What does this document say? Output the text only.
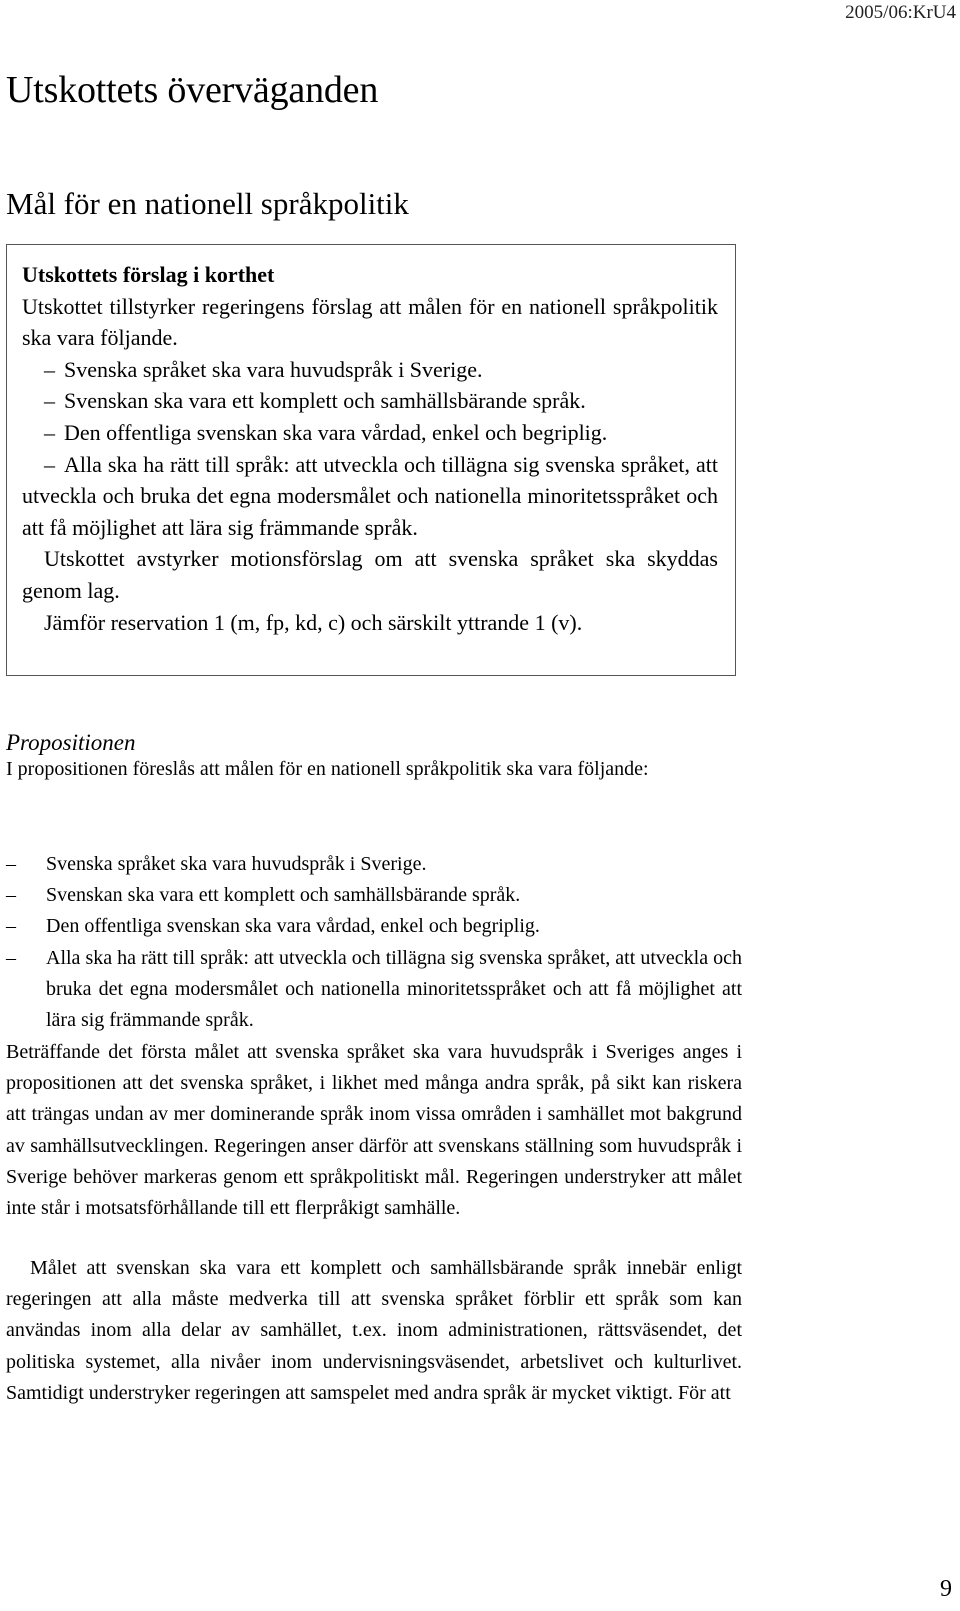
2005/06:KrU4
Utskottets överväganden
Mål för en nationell språkpolitik

Utskottets förslag i korthet

Utskottet tillstyrker regeringens förslag att målen för en nationell språkpolitik ska vara följande.

– Svenska språket ska vara huvudspråk i Sverige.

– Svenskan ska vara ett komplett och samhällsbärande språk.

– Den offentliga svenskan ska vara vårdad, enkel och begriplig.

– Alla ska ha rätt till språk: att utveckla och tillägna sig svenska språket, att utveckla och bruka det egna modersmålet och nationella minoritetsspråket och att få möjlighet att lära sig främmande språk.

Utskottet avstyrker motionsförslag om att svenska språket ska skyddas genom lag.

Jämför reservation 1 (m, fp, kd, c) och särskilt yttrande 1 (v).

Propositionen

I propositionen föreslås att målen för en nationell språkpolitik ska vara följande:

– Svenska språket ska vara huvudspråk i Sverige.
– Svenskan ska vara ett komplett och samhällsbärande språk.
– Den offentliga svenskan ska vara vårdad, enkel och begriplig.
– Alla ska ha rätt till språk: att utveckla och tillägna sig svenska språket, att utveckla och bruka det egna modersmålet och nationella minoritetsspråket och att få möjlighet att lära sig främmande språk.

Beträffande det första målet att svenska språket ska vara huvudspråk i Sveriges anges i propositionen att det svenska språket, i likhet med många andra språk, på sikt kan riskera att trängas undan av mer dominerande språk inom vissa områden i samhället mot bakgrund av samhällsutvecklingen. Regeringen anser därför att svenskans ställning som huvudspråk i Sverige behöver markeras genom ett språkpolitiskt mål. Regeringen understryker att målet inte står i motsatsförhållande till ett flerpråkigt samhälle.

Målet att svenskan ska vara ett komplett och samhällsbärande språk innebär enligt regeringen att alla måste medverka till att svenska språket förblir ett språk som kan användas inom alla delar av samhället, t.ex. inom administrationen, rättsväsendet, det politiska systemet, alla nivåer inom undervisningsväsendet, arbetslivet och kulturlivet. Samtidigt understryker regeringen att samspelet med andra språk är mycket viktigt. För att

9
